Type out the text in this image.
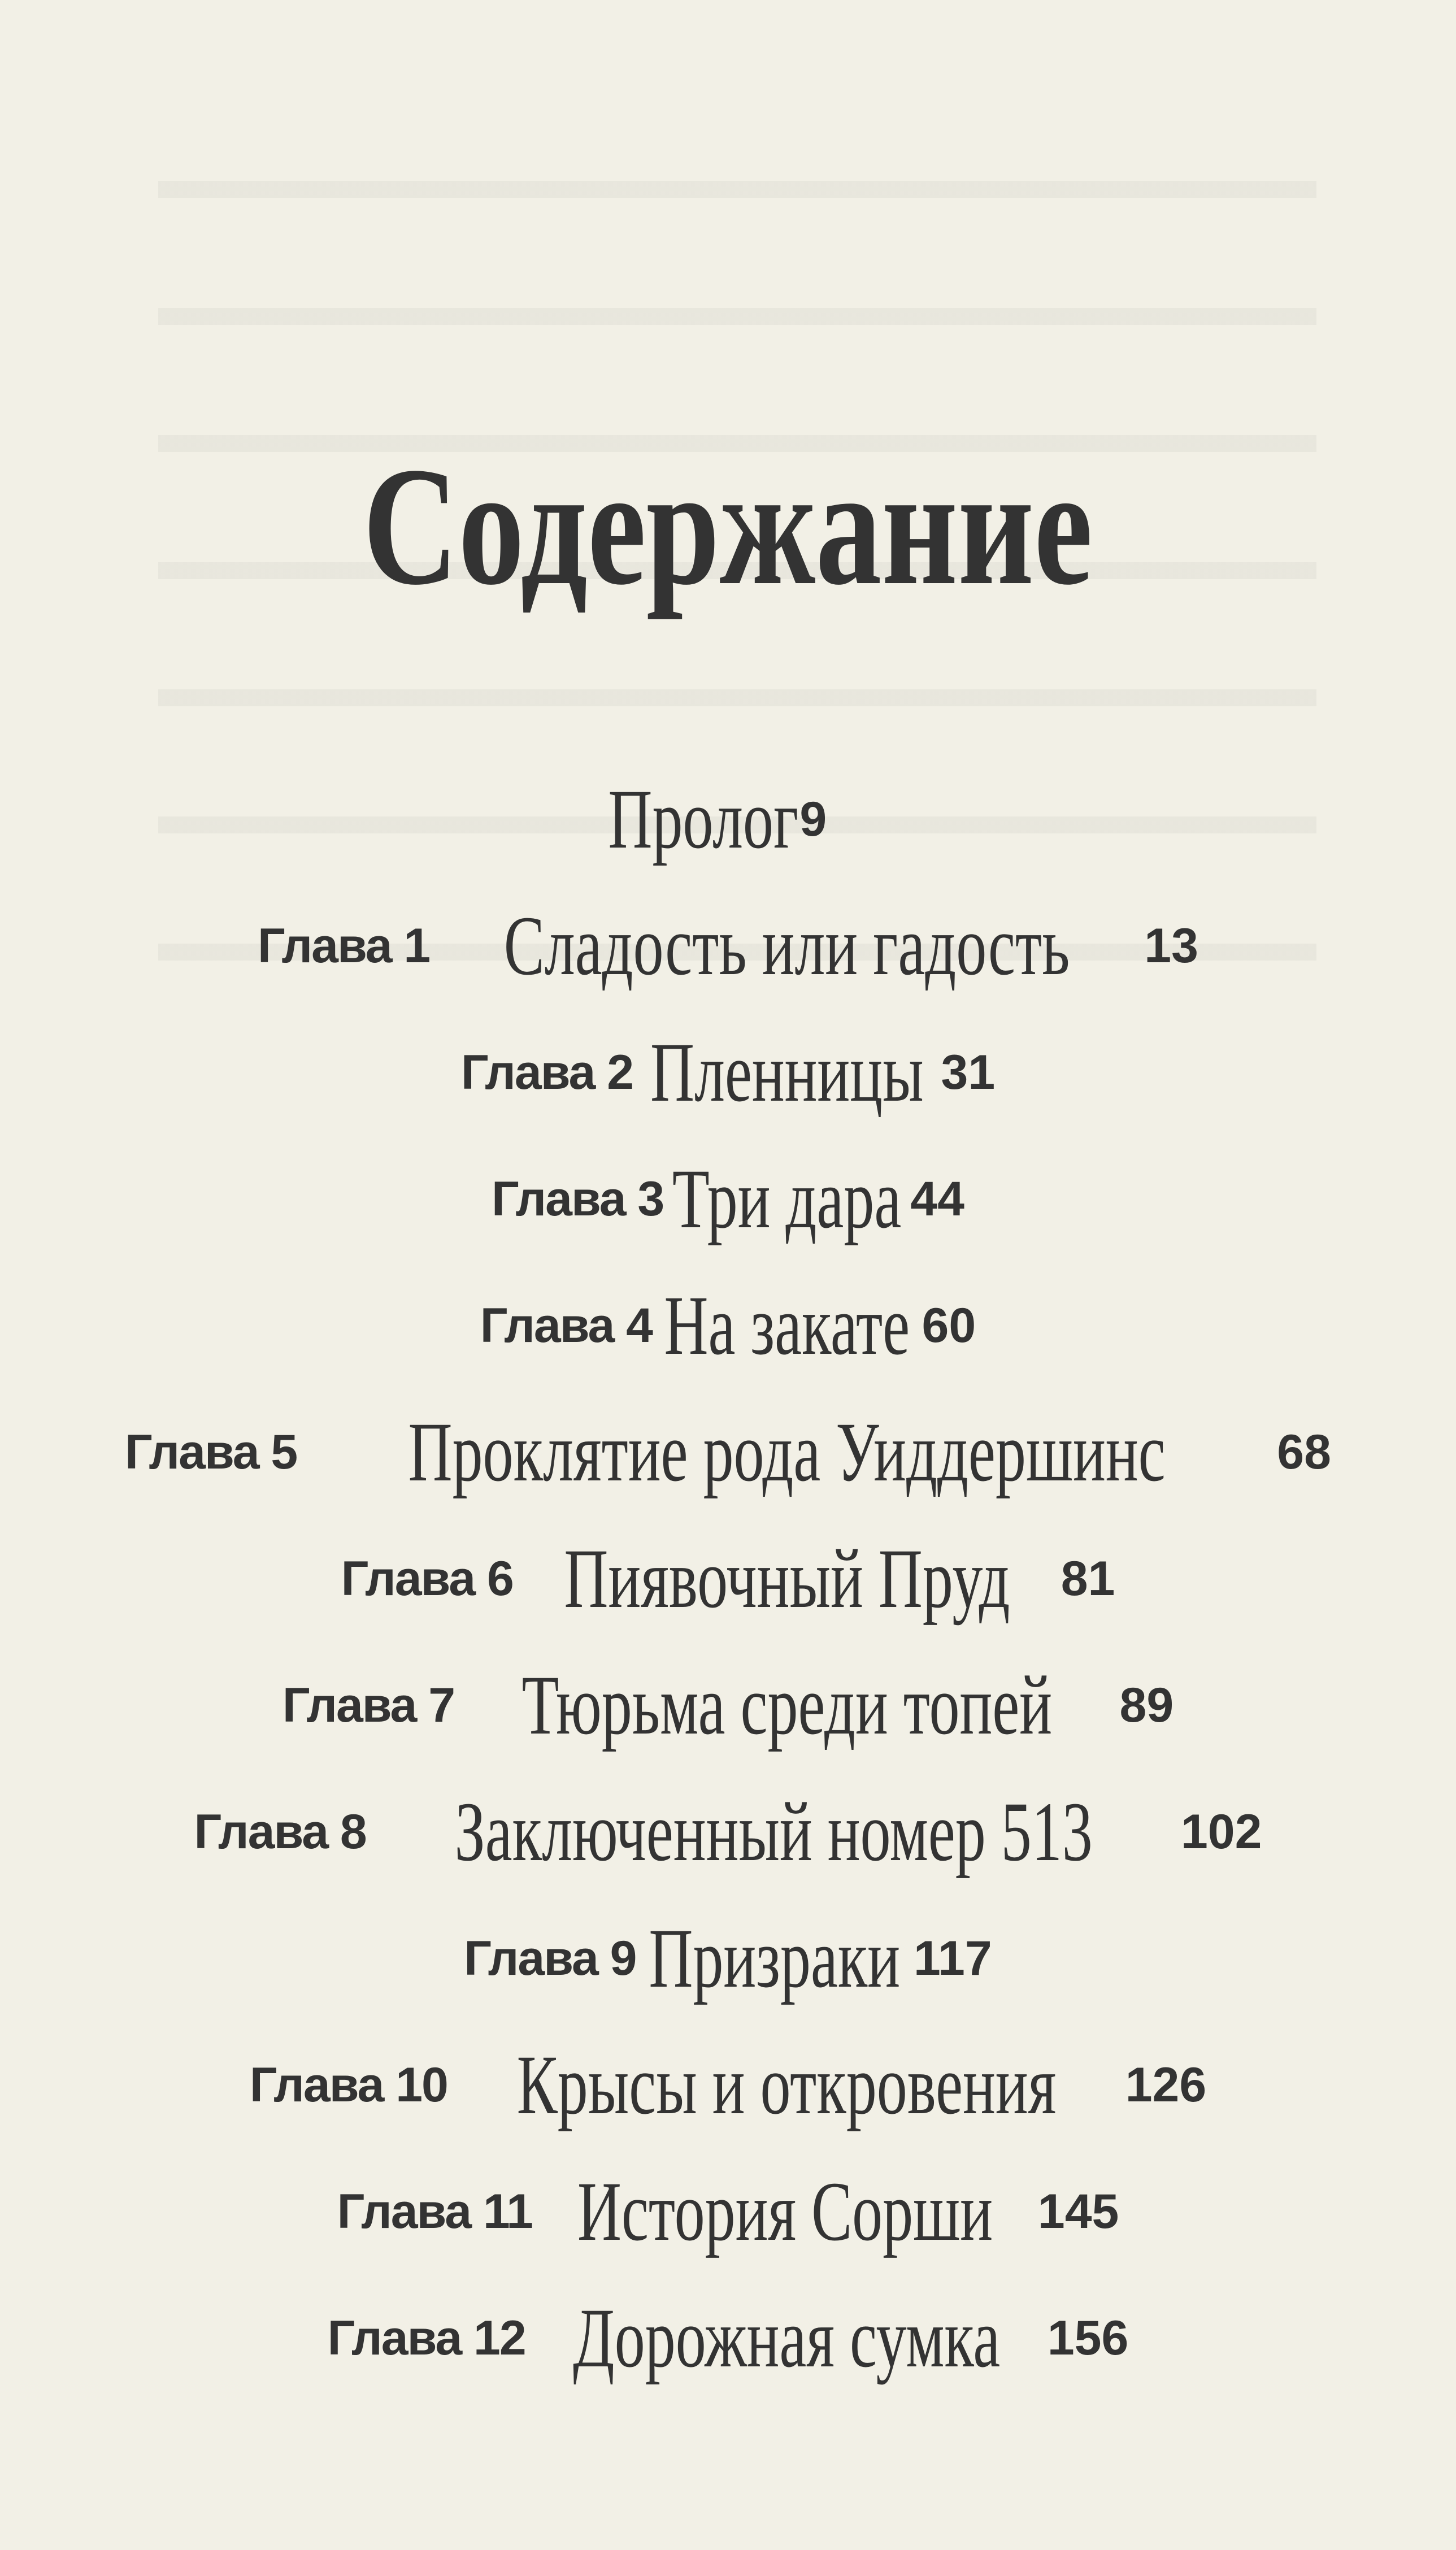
Содержание
Пролог 9
Глава 1 Сладость или гадость 13
Глава 2 Пленницы 31
Глава 3 Три дара 44
Глава 4 На закате 60
Глава 5 Проклятие рода Уиддершинс 68
Глава 6 Пиявочный Пруд 81
Глава 7 Тюрьма среди топей 89
Глава 8 Заключенный номер 513 102
Глава 9 Призраки 117
Глава 10 Крысы и откровения 126
Глава 11 История Сорши 145
Глава 12 Дорожная сумка 156
